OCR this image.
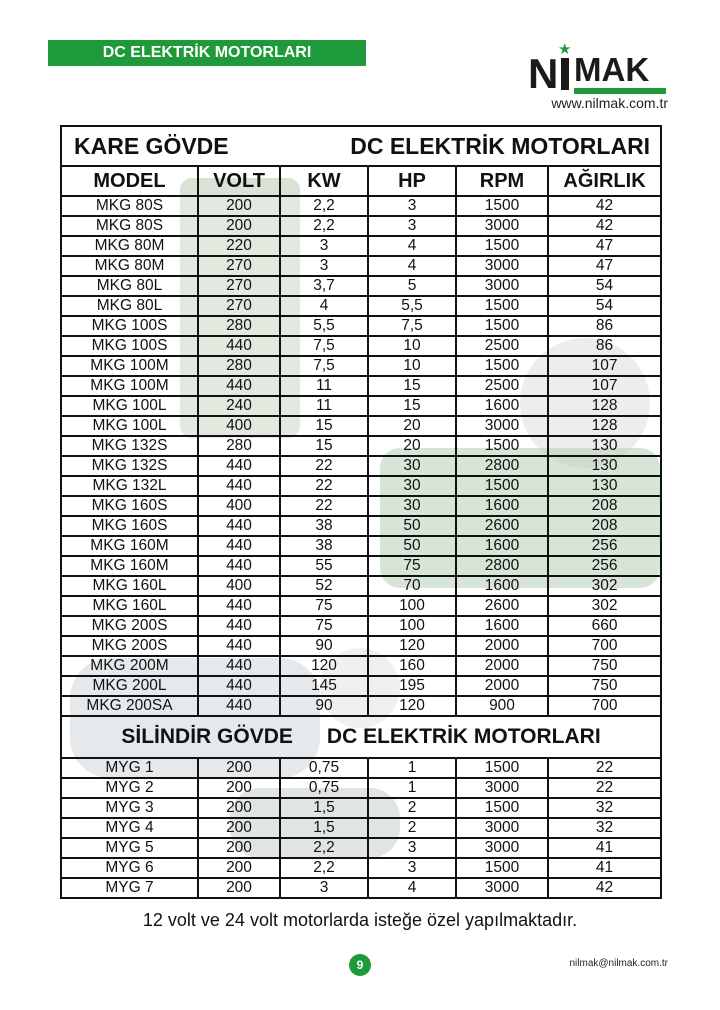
DC ELEKTRİK MOTORLARI	N
★
MAK
www.nilmak.com.tr
KARE GÖVDE DC ELEKTRİK MOTORLARI					

MODEL	VOLT	KW	HP	RPM	AĞIRLIK
MKG 80S	200	2,2	3	1500	42
MKG 80S	200	2,2	3	3000	42
MKG 80M	220	3	4	1500	47
MKG 80M	270	3	4	3000	47
MKG 80L	270	3,7	5	3000	54
MKG 80L	270	4	5,5	1500	54
MKG 100S	280	5,5	7,5	1500	86
MKG 100S	440	7,5	10	2500	86
MKG 100M	280	7,5	10	1500	107
MKG 100M	440	11	15	2500	107
MKG 100L	240	11	15	1600	128
MKG 100L	400	15	20	3000	128
MKG 132S	280	15	20	1500	130
MKG 132S	440	22	30	2800	130
MKG 132L	440	22	30	1500	130
MKG 160S	400	22	30	1600	208
MKG 160S	440	38	50	2600	208
MKG 160M	440	38	50	1600	256
MKG 160M	440	55	75	2800	256
MKG 160L	400	52	70	1600	302
MKG 160L	440	75	100	2600	302
MKG 200S	440	75	100	1600	660
MKG 200S	440	90	120	2000	700
MKG 200M	440	120	160	2000	750
MKG 200L	440	145	195	2000	750
MKG 200SA	440	90	120	900	700
SİLİNDİR GÖVDE DC ELEKTRİK MOTORLARI					
MYG 1	200	0,75	1	1500	22
MYG 2	200	0,75	1	3000	22
MYG 3	200	1,5	2	1500	32
MYG 4	200	1,5	2	3000	32
MYG 5	200	2,2	3	3000	41
MYG 6	200	2,2	3	1500	41
MYG 7	200	3	4	3000	42
12 volt ve 24 volt motorlarda isteğe özel yapılmaktadır.
9	nilmak@nilmak.com.tr
